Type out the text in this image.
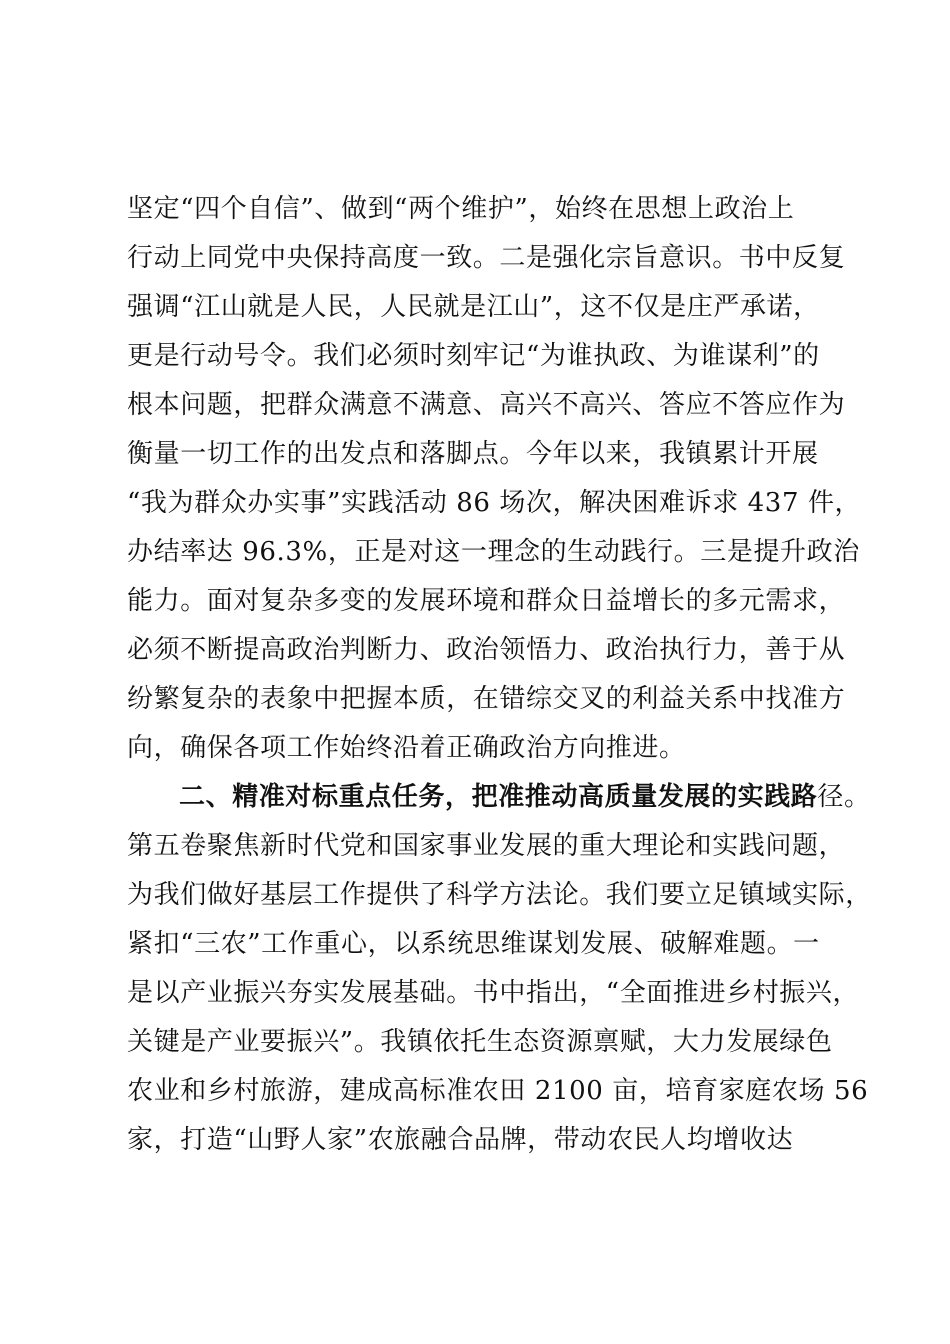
坚定“四个自信”、做到“两个维护”，始终在思想上政治上
行动上同党中央保持高度一致。二是强化宗旨意识。书中反复
强调“江山就是人民，人民就是江山”，这不仅是庄严承诺，
更是行动号令。我们必须时刻牢记“为谁执政、为谁谋利”的
根本问题，把群众满意不满意、高兴不高兴、答应不答应作为
衡量一切工作的出发点和落脚点。今年以来，我镇累计开展
“我为群众办实事”实践活动 86 场次，解决困难诉求 437 件，
办结率达 96.3%，正是对这一理念的生动践行。三是提升政治
能力。面对复杂多变的发展环境和群众日益增长的多元需求，
必须不断提高政治判断力、政治领悟力、政治执行力，善于从
纷繁复杂的表象中把握本质，在错综交叉的利益关系中找准方
向，确保各项工作始终沿着正确政治方向推进。
二、精准对标重点任务，把准推动高质量发展的实践路径。
第五卷聚焦新时代党和国家事业发展的重大理论和实践问题，
为我们做好基层工作提供了科学方法论。我们要立足镇域实际，
紧扣“三农”工作重心，以系统思维谋划发展、破解难题。一
是以产业振兴夯实发展基础。书中指出，“全面推进乡村振兴，
关键是产业要振兴”。我镇依托生态资源禀赋，大力发展绿色
农业和乡村旅游，建成高标准农田 2100 亩，培育家庭农场 56
家，打造“山野人家”农旅融合品牌，带动农民人均增收达
